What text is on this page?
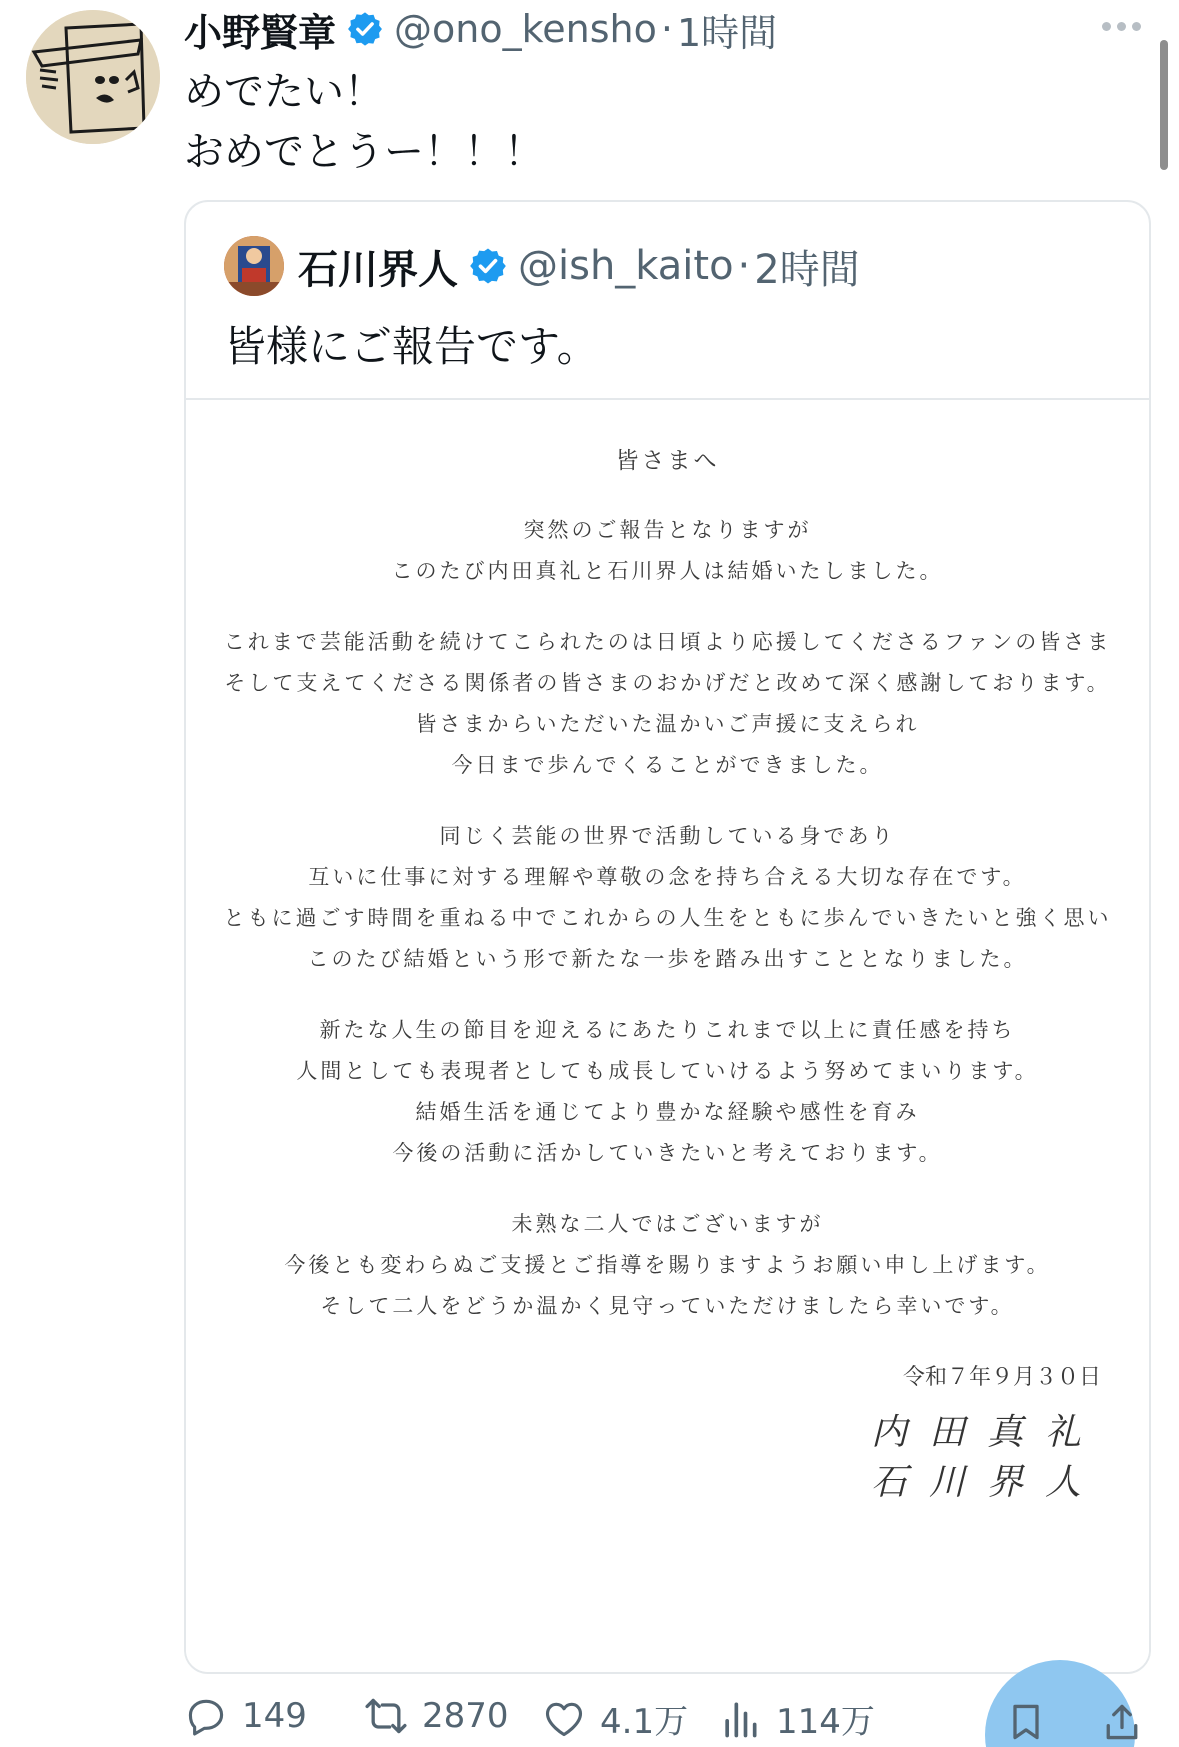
小野賢章 @ono_kensho · 1時間
めでたい！
おめでとうー！！！
石川界人 @ish_kaito · 2時間
皆様にご報告です。
皆さまへ
突然のご報告となりますが
このたび内田真礼と石川界人は結婚いたしました。
これまで芸能活動を続けてこられたのは日頃より応援してくださるファンの皆さま
そして支えてくださる関係者の皆さまのおかげだと改めて深く感謝しております。
皆さまからいただいた温かいご声援に支えられ
今日まで歩んでくることができました。
同じく芸能の世界で活動している身であり
互いに仕事に対する理解や尊敬の念を持ち合える大切な存在です。
ともに過ごす時間を重ねる中でこれからの人生をともに歩んでいきたいと強く思い
このたび結婚という形で新たな一歩を踏み出すこととなりました。
新たな人生の節目を迎えるにあたりこれまで以上に責任感を持ち
人間としても表現者としても成長していけるよう努めてまいります。
結婚生活を通じてより豊かな経験や感性を育み
今後の活動に活かしていきたいと考えております。
未熟な二人ではございますが
今後とも変わらぬご支援とご指導を賜りますようお願い申し上げます。
そして二人をどうか温かく見守っていただけましたら幸いです。
令和７年９月３０日
内田真礼
石川界人
149	2870	4.1万	114万
